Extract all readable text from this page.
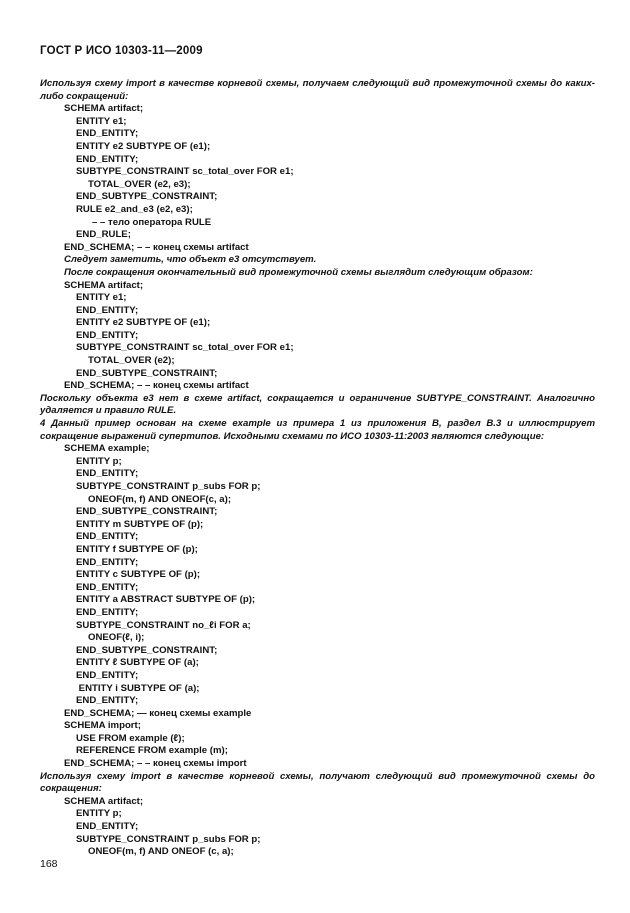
ГОСТ Р ИСО 10303-11—2009
Используя схему import в качестве корневой схемы, получаем следующий вид промежуточной схемы до каких-либо сокращений:
SCHEMA artifact;
ENTITY e1;
END_ENTITY;
ENTITY e2 SUBTYPE OF (e1);
END_ENTITY;
SUBTYPE_CONSTRAINT sc_total_over FOR e1;
TOTAL_OVER (e2, e3);
END_SUBTYPE_CONSTRAINT;
RULE e2_and_e3 (e2, e3);
– – тело оператора RULE
END_RULE;
END_SCHEMA; – – конец схемы artifact
Следует заметить, что объект e3 отсутствует.
После сокращения окончательный вид промежуточной схемы выглядит следующим образом:
SCHEMA artifact;
ENTITY e1;
END_ENTITY;
ENTITY e2 SUBTYPE OF (e1);
END_ENTITY;
SUBTYPE_CONSTRAINT sc_total_over FOR e1;
TOTAL_OVER (e2);
END_SUBTYPE_CONSTRAINT;
END_SCHEMA; – – конец схемы artifact
Поскольку объекта e3 нет в схеме artifact, сокращается и ограничение SUBTYPE_CONSTRAINT. Аналогично удаляется и правило RULE.
4 Данный пример основан на схеме example из примера 1 из приложения B, раздел B.3 и иллюстрирует сокращение выражений супертипов. Исходными схемами по ИСО 10303-11:2003 являются следующие:
SCHEMA example;
ENTITY p;
END_ENTITY;
SUBTYPE_CONSTRAINT p_subs FOR p;
ONEOF(m, f) AND ONEOF(c, a);
END_SUBTYPE_CONSTRAINT;
ENTITY m SUBTYPE OF (p);
END_ENTITY;
ENTITY f SUBTYPE OF (p);
END_ENTITY;
ENTITY c SUBTYPE OF (p);
END_ENTITY;
ENTITY a ABSTRACT SUBTYPE OF (p);
END_ENTITY;
SUBTYPE_CONSTRAINT no_ℓi FOR a;
ONEOF(ℓ, i);
END_SUBTYPE_CONSTRAINT;
ENTITY ℓ SUBTYPE OF (a);
END_ENTITY;
ENTITY i SUBTYPE OF (a);
END_ENTITY;
END_SCHEMA; — конец схемы example
SCHEMA import;
USE FROM example (ℓ);
REFERENCE FROM example (m);
END_SCHEMA; – – конец схемы import
Используя схему import в качестве корневой схемы, получают следующий вид промежуточной схемы до сокращения:
SCHEMA artifact;
ENTITY p;
END_ENTITY;
SUBTYPE_CONSTRAINT p_subs FOR p;
ONEOF(m, f) AND ONEOF (c, a);
168
